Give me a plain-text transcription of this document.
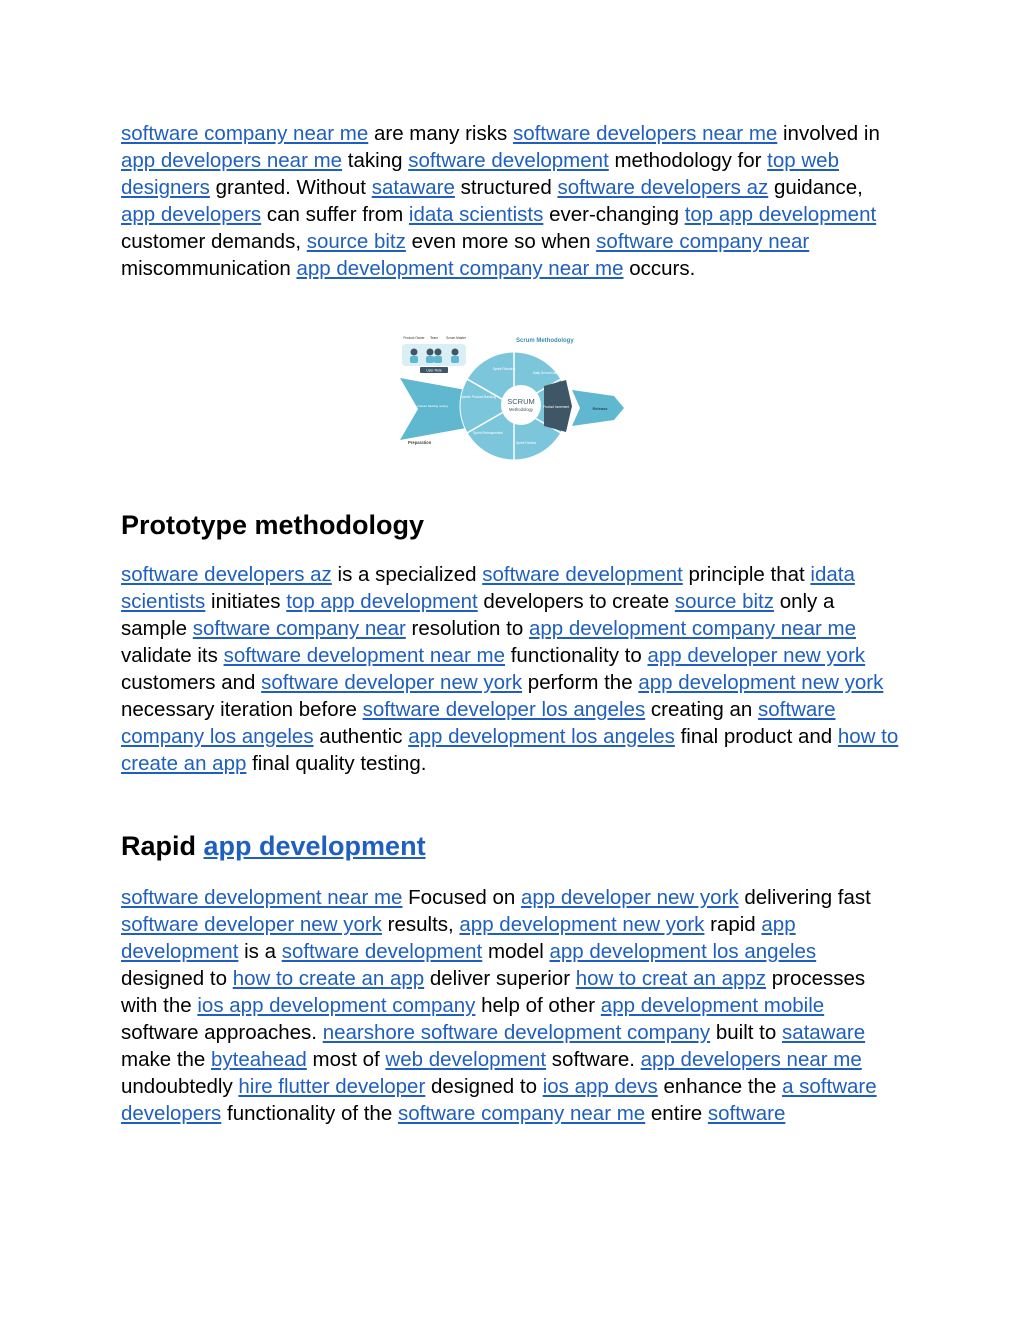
software company near me are many risks software developers near me involved in app developers near me taking software development methodology for top web designers granted. Without sataware structured software developers az guidance, app developers can suffer from idata scientists ever-changing top app development customer demands, source bitz even more so when software company near miscommunication app development company near me occurs.
User Role
Product Owner Team	Scrum Master	Scrum Methodology
Product release backlog testing
Preparation
SCRUM
Methodology
Sprint Planning
Daily Scrum Daily Work
Update Product Backlog
Sprint Retrospective
Sprint Review
Product Increment	Release
Prototype methodology
software developers az is a specialized software development principle that idata scientists initiates top app development developers to create source bitz only a sample software company near resolution to app development company near me validate its software development near me functionality to app developer new york customers and software developer new york perform the app development new york necessary iteration before software developer los angeles creating an software company los angeles authentic app development los angeles final product and how to create an app final quality testing.
Rapid app development
software development near me Focused on app developer new york delivering fast software developer new york results, app development new york rapid app development is a software development model app development los angeles designed to how to create an app deliver superior how to creat an appz processes with the ios app development company help of other app development mobile software approaches. nearshore software development company built to sataware make the byteahead most of web development software. app developers near me undoubtedly hire flutter developer designed to ios app devs enhance the a software developers functionality of the software company near me entire software
